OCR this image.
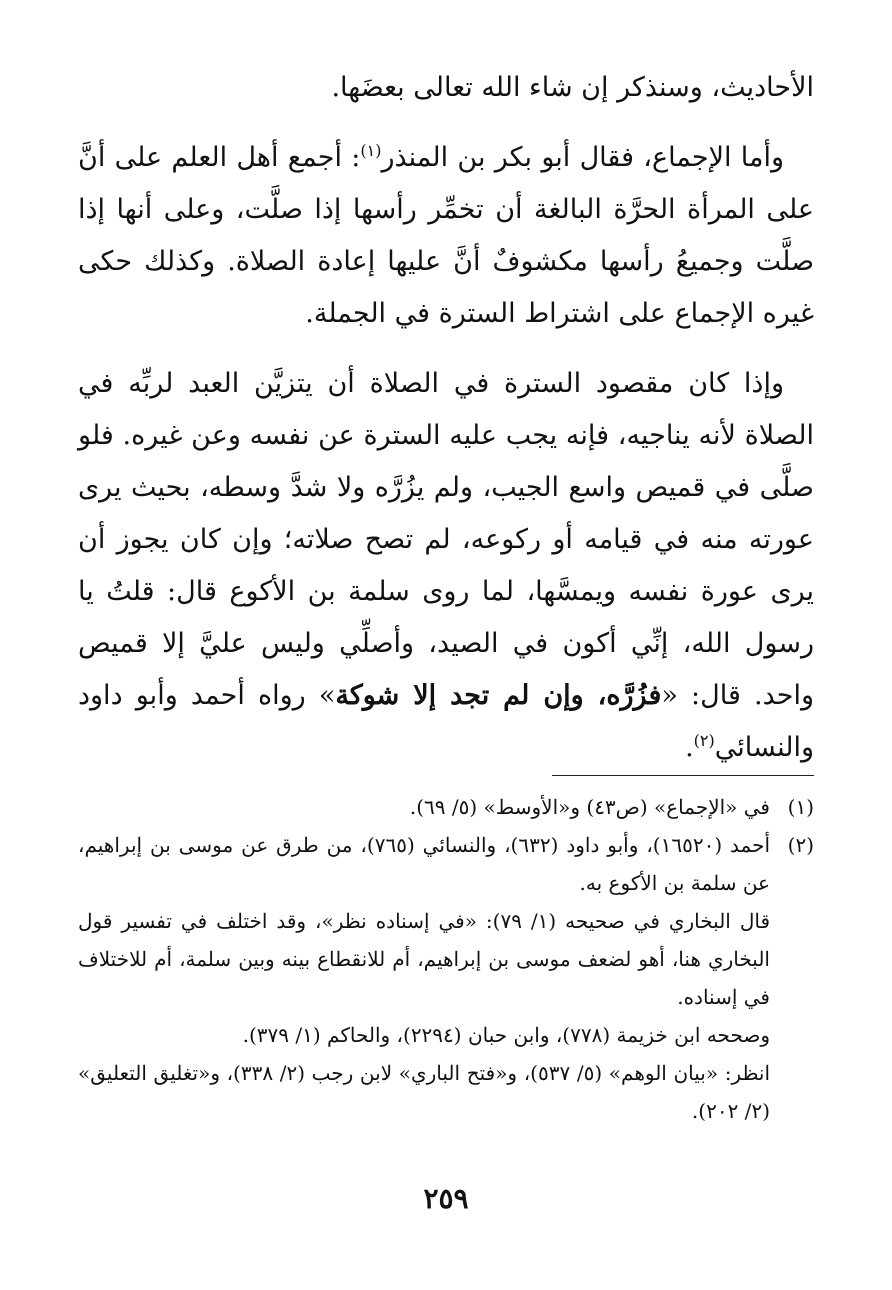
الأحاديث، وسنذكر إن شاء الله تعالى بعضَها.

وأما الإجماع، فقال أبو بكر بن المنذر$^{(١)}$: أجمع أهل العلم على أنَّ على المرأة الحرَّة البالغة أن تخمِّر رأسها إذا صلَّت، وعلى أنها إذا صلَّت وجميعُ رأسها مكشوفٌ أنَّ عليها إعادة الصلاة. وكذلك حكى غيره الإجماع على اشتراط السترة في الجملة.

وإذا كان مقصود السترة في الصلاة أن يتزيَّن العبد لربِّه في الصلاة لأنه يناجيه، فإنه يجب عليه السترة عن نفسه وعن غيره. فلو صلَّى في قميص واسع الجيب، ولم يزُرَّه ولا شدَّ وسطه، بحيث يرى عورته منه في قيامه أو ركوعه، لم تصح صلاته؛ وإن كان يجوز أن يرى عورة نفسه ويمسَّها، لما روى سلمة بن الأكوع قال: قلتُ يا رسول الله، إنِّي أكون في الصيد، وأصلِّي وليس عليَّ إلا قميص واحد. قال: «فزُرَّه، وإن لم تجد إلا شوكة» رواه أحمد وأبو داود والنسائي$^{(٢)}$.

(١)

في «الإجماع» (ص٤٣) و«الأوسط» (٥/ ٦٩).

(٢)

أحمد (١٦٥٢٠)، وأبو داود (٦٣٢)، والنسائي (٧٦٥)، من طرق عن موسى بن إبراهيم، عن سلمة بن الأكوع به.

قال البخاري في صحيحه (١/ ٧٩): «في إسناده نظر»، وقد اختلف في تفسير قول البخاري هنا، أهو لضعف موسى بن إبراهيم، أم للانقطاع بينه وبين سلمة، أم للاختلاف في إسناده.

وصححه ابن خزيمة (٧٧٨)، وابن حبان (٢٢٩٤)، والحاكم (١/ ٣٧٩).

انظر: «بيان الوهم» (٥/ ٥٣٧)، و«فتح الباري» لابن رجب (٢/ ٣٣٨)، و«تغليق التعليق» (٢/ ٢٠٢).

٢٥٩
